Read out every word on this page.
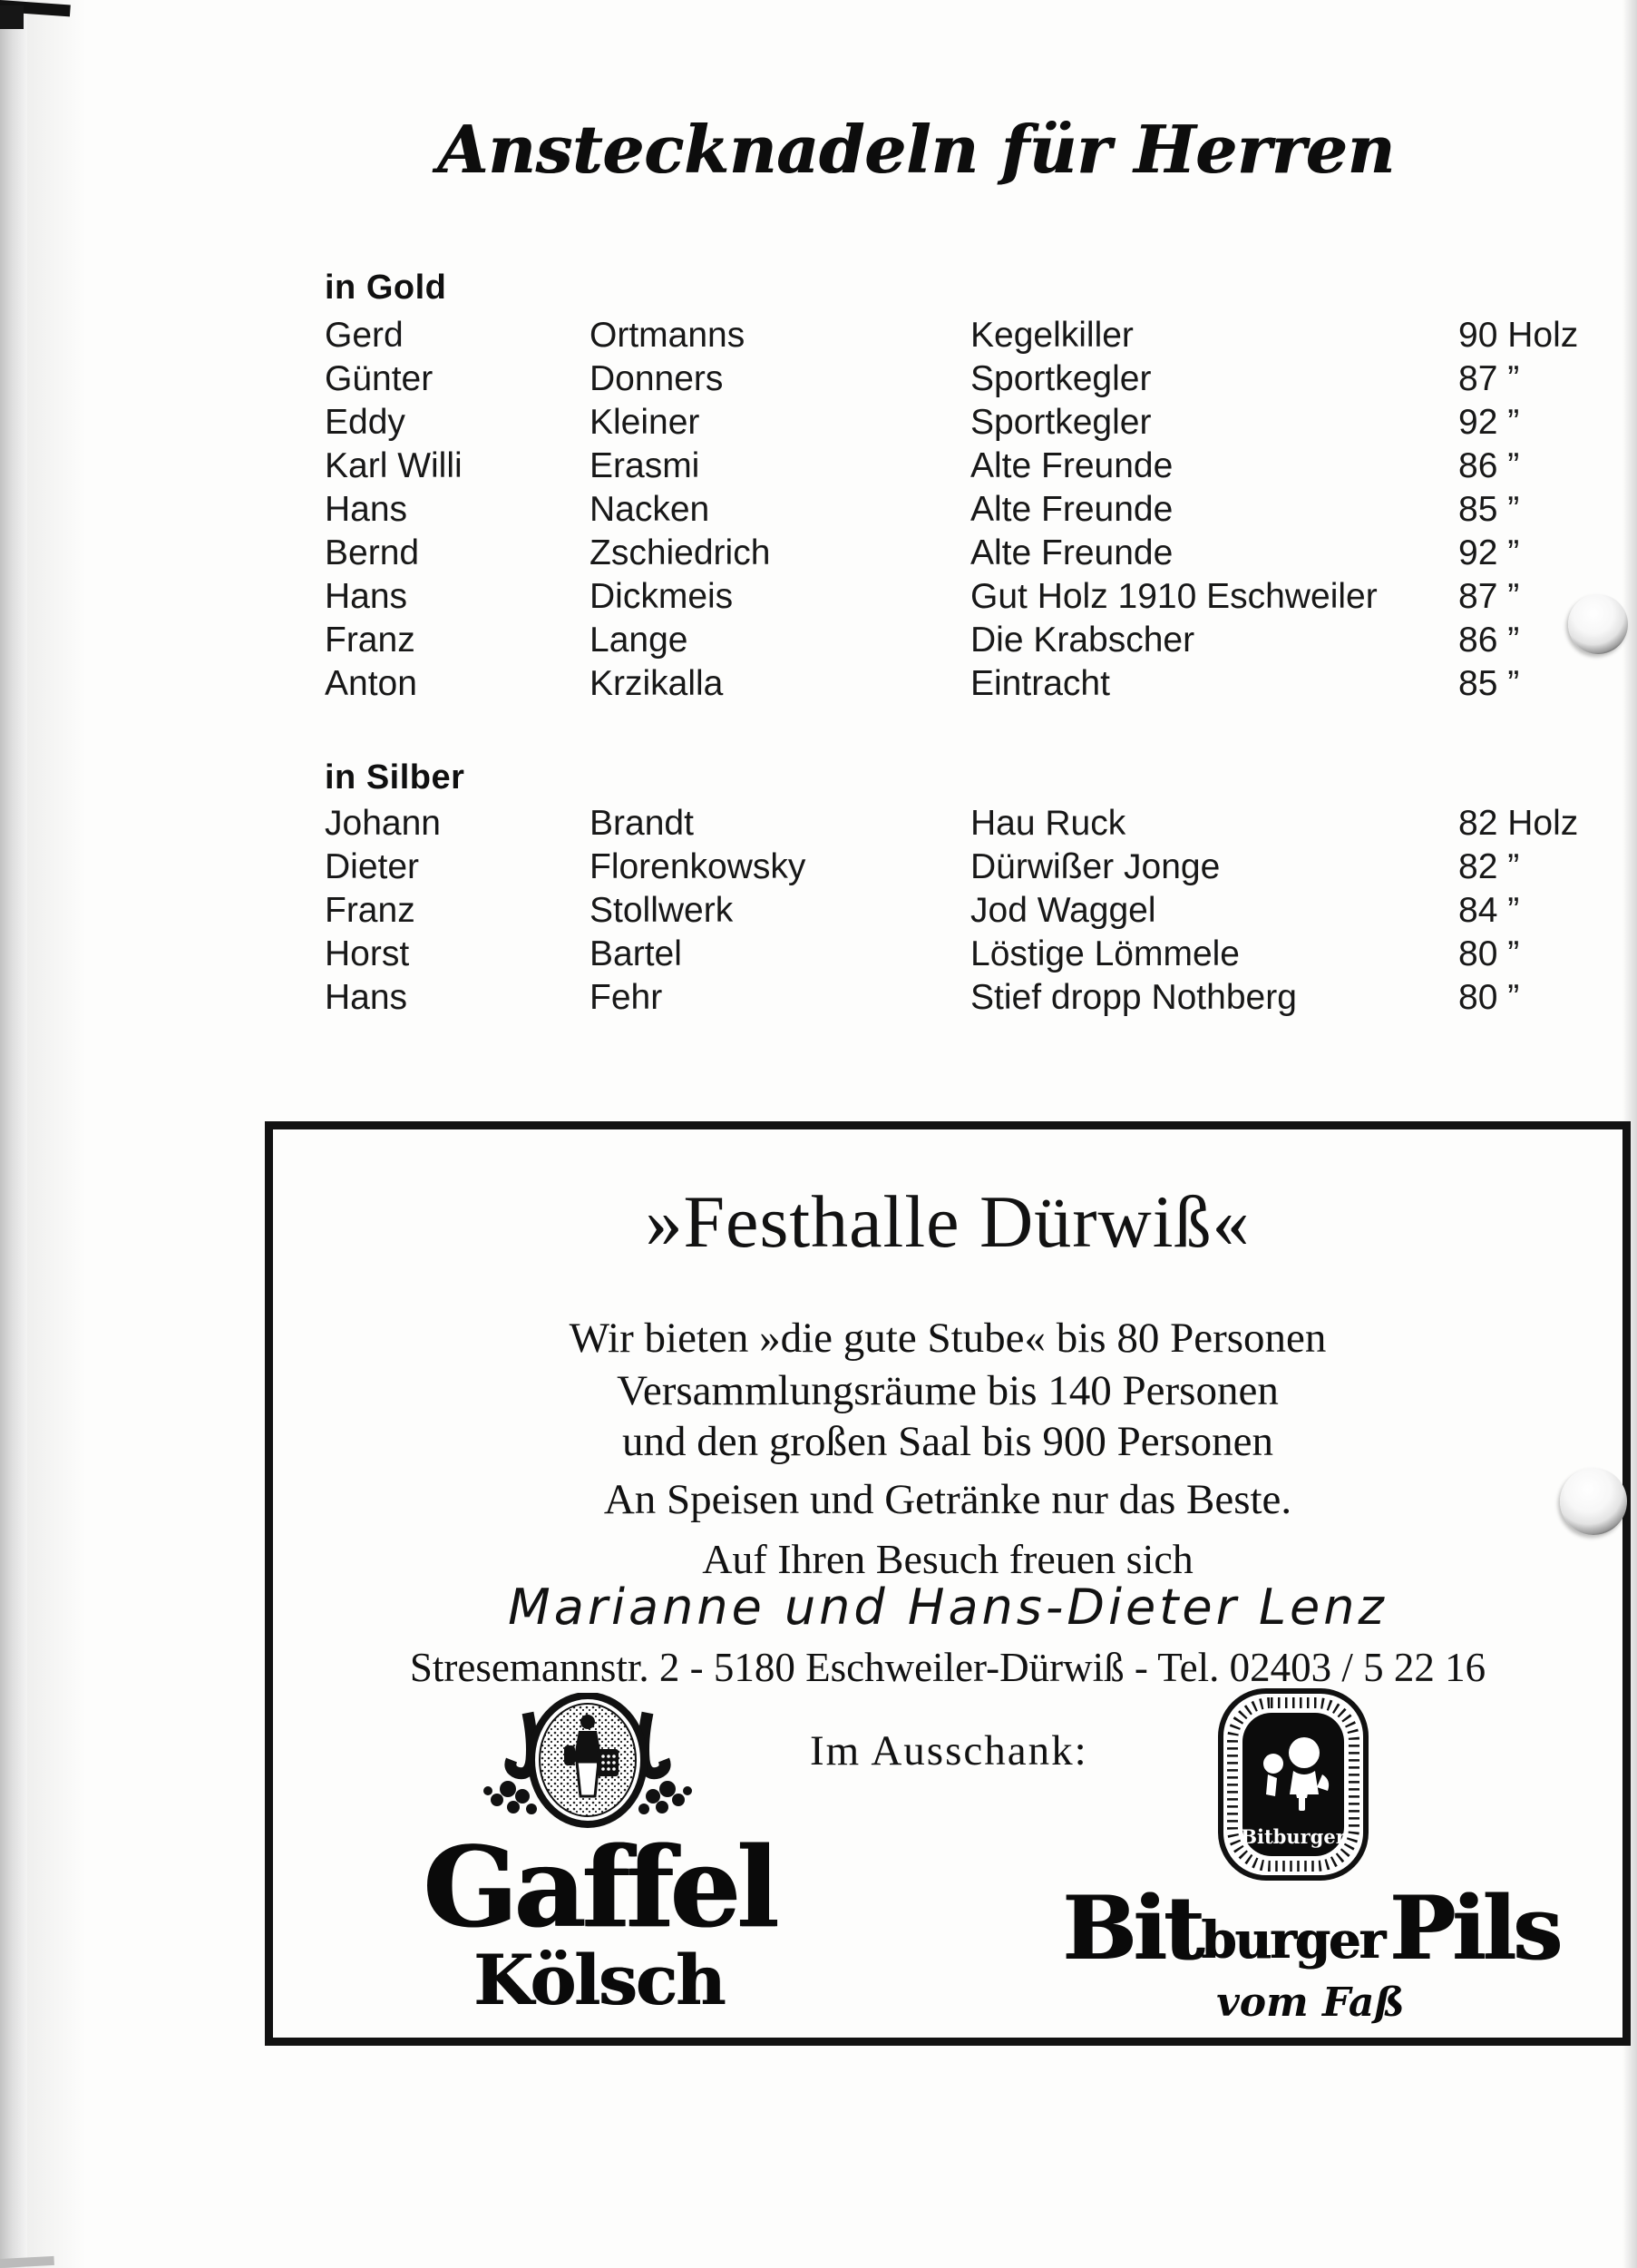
Anstecknadeln für Herren
in Gold
Gerd	Ortmanns	Kegelkiller	90 Holz
Günter	Donners	Sportkegler	87 ”
Eddy	Kleiner	Sportkegler	92 ”
Karl Willi	Erasmi	Alte Freunde	86 ”
Hans	Nacken	Alte Freunde	85 ”
Bernd	Zschiedrich	Alte Freunde	92 ”
Hans	Dickmeis	Gut Holz 1910 Eschweiler	87 ”
Franz	Lange	Die Krabscher	86 ”
Anton	Krzikalla	Eintracht	85 ”
in Silber
Johann	Brandt	Hau Ruck	82 Holz
Dieter	Florenkowsky	Dürwißer Jonge	82 ”
Franz	Stollwerk	Jod Waggel	84 ”
Horst	Bartel	Löstige Lömmele	80 ”
Hans	Fehr	Stief dropp Nothberg	80 ”
»Festhalle Dürwiß«
Wir bieten »die gute Stube« bis 80 Personen
Versammlungsräume bis 140 Personen
und den großen Saal bis 900 Personen
An Speisen und Getränke nur das Beste.
Auf Ihren Besuch freuen sich
Marianne und Hans-Dieter Lenz
Stresemannstr. 2 - 5180 Eschweiler-Dürwiß - Tel. 02403 / 5 22 16
Im Ausschank:
Gaffel
Kölsch
Bitburger
Bit burger Pils
vom Faß
